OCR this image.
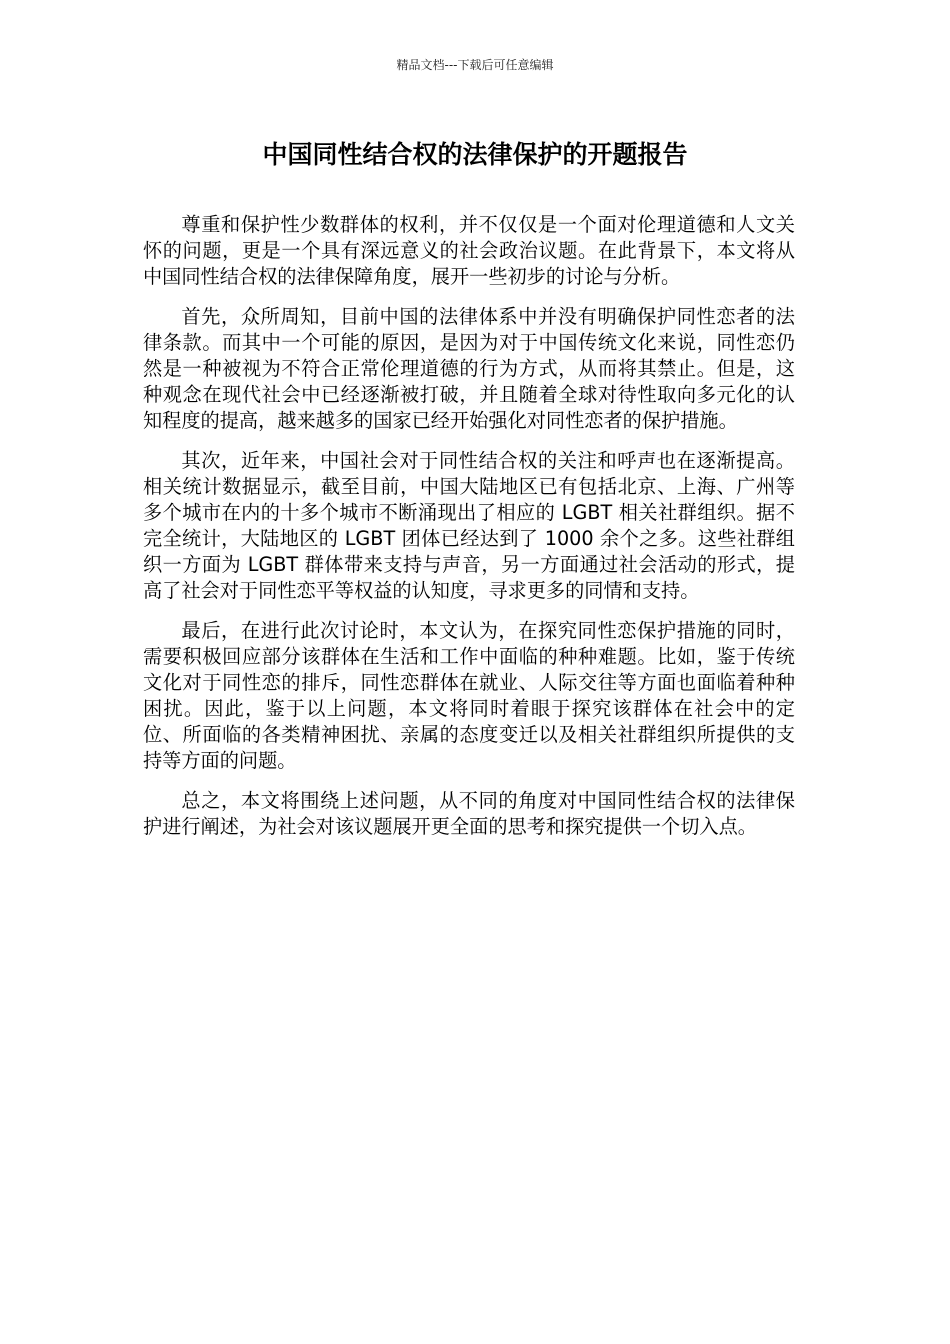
精品文档---下载后可任意编辑
中国同性结合权的法律保护的开题报告

尊重和保护性少数群体的权利，并不仅仅是一个面对伦理道德和人文关怀的问题，更是一个具有深远意义的社会政治议题。在此背景下，本文将从中国同性结合权的法律保障角度，展开一些初步的讨论与分析。

首先，众所周知，目前中国的法律体系中并没有明确保护同性恋者的法律条款。而其中一个可能的原因，是因为对于中国传统文化来说，同性恋仍然是一种被视为不符合正常伦理道德的行为方式，从而将其禁止。但是，这种观念在现代社会中已经逐渐被打破，并且随着全球对待性取向多元化的认知程度的提高，越来越多的国家已经开始强化对同性恋者的保护措施。

其次，近年来，中国社会对于同性结合权的关注和呼声也在逐渐提高。相关统计数据显示，截至目前，中国大陆地区已有包括北京、上海、广州等多个城市在内的十多个城市不断涌现出了相应的 LGBT 相关社群组织。据不完全统计，大陆地区的 LGBT 团体已经达到了 1000 余个之多。这些社群组织一方面为 LGBT 群体带来支持与声音，另一方面通过社会活动的形式，提高了社会对于同性恋平等权益的认知度，寻求更多的同情和支持。

最后，在进行此次讨论时，本文认为，在探究同性恋保护措施的同时，需要积极回应部分该群体在生活和工作中面临的种种难题。比如，鉴于传统文化对于同性恋的排斥，同性恋群体在就业、人际交往等方面也面临着种种困扰。因此，鉴于以上问题，本文将同时着眼于探究该群体在社会中的定位、所面临的各类精神困扰、亲属的态度变迁以及相关社群组织所提供的支持等方面的问题。

总之，本文将围绕上述问题，从不同的角度对中国同性结合权的法律保护进行阐述，为社会对该议题展开更全面的思考和探究提供一个切入点。
